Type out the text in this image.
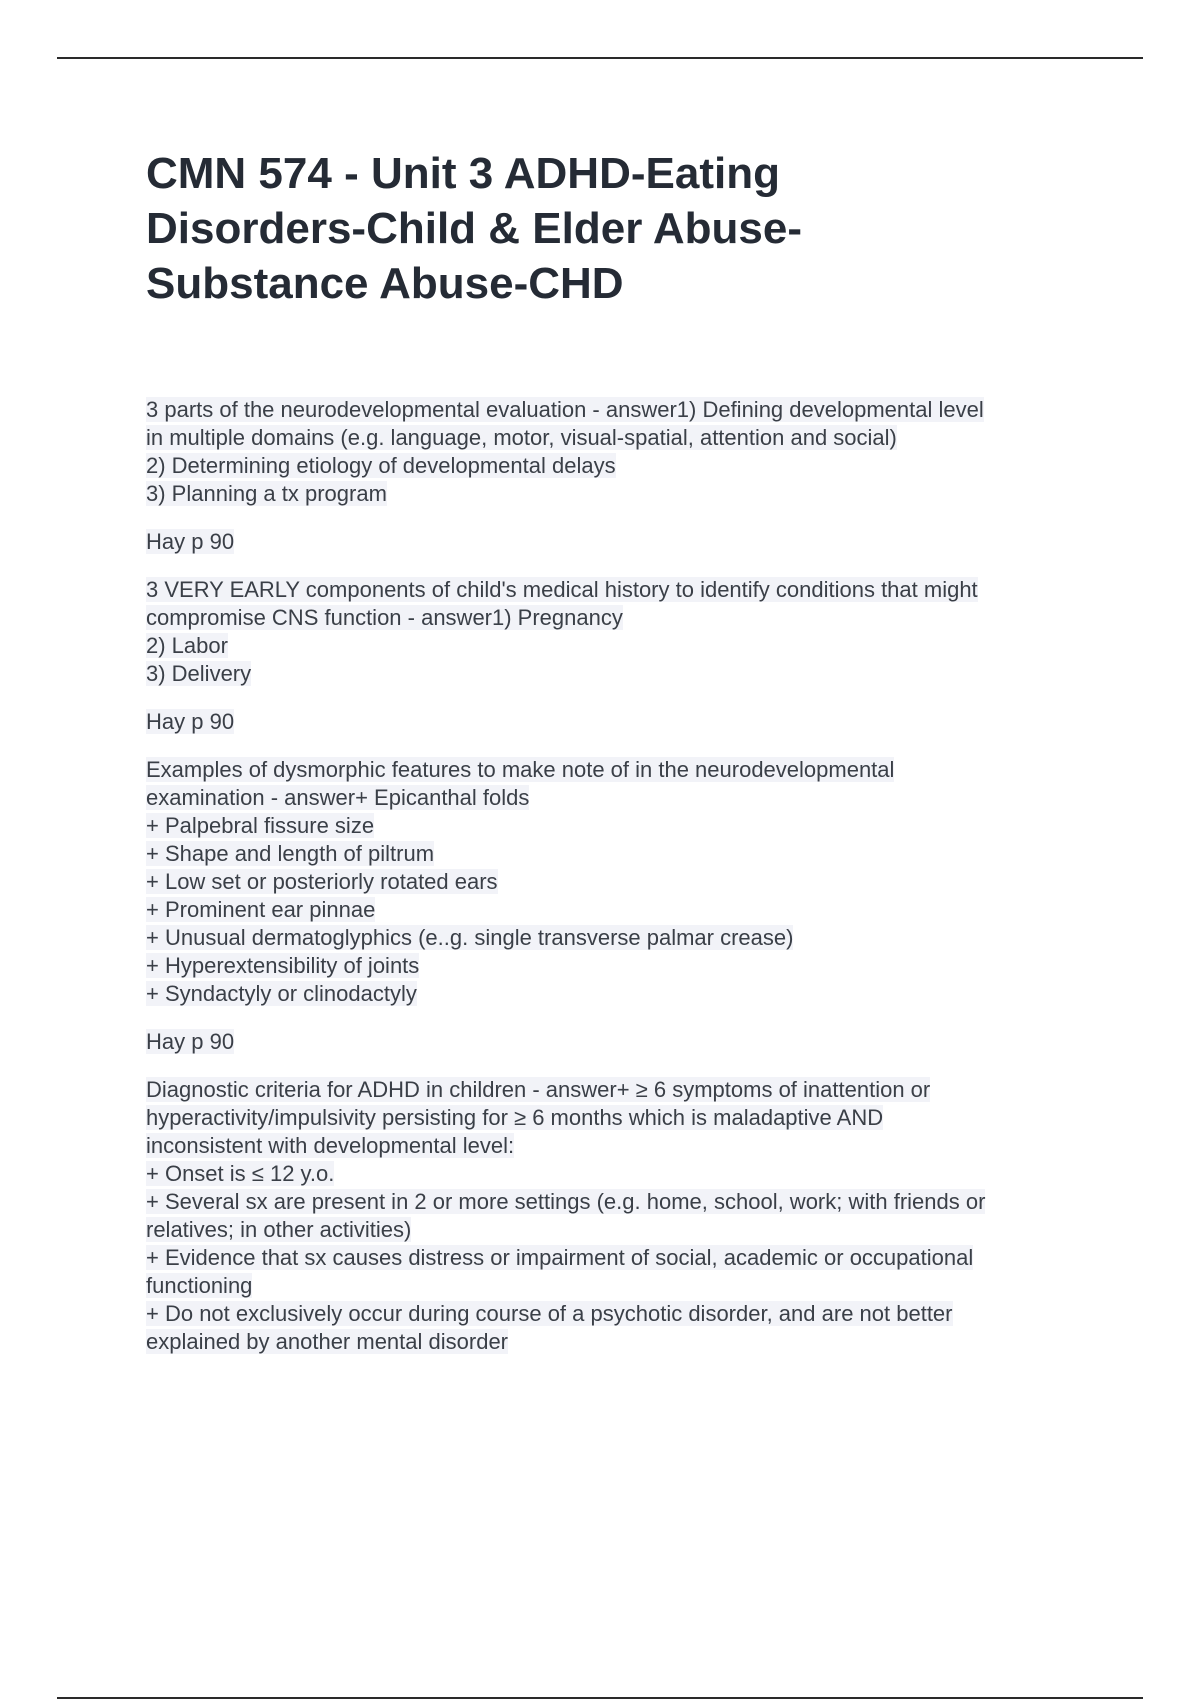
CMN 574 - Unit 3 ADHD-Eating
Disorders-Child & Elder Abuse-
Substance Abuse-CHD
3 parts of the neurodevelopmental evaluation - answer1) Defining developmental level
in multiple domains (e.g. language, motor, visual-spatial, attention and social)
2) Determining etiology of developmental delays
3) Planning a tx program
Hay p 90
3 VERY EARLY components of child's medical history to identify conditions that might
compromise CNS function - answer1) Pregnancy
2) Labor
3) Delivery
Hay p 90
Examples of dysmorphic features to make note of in the neurodevelopmental
examination - answer+ Epicanthal folds
+ Palpebral fissure size
+ Shape and length of piltrum
+ Low set or posteriorly rotated ears
+ Prominent ear pinnae
+ Unusual dermatoglyphics (e..g. single transverse palmar crease)
+ Hyperextensibility of joints
+ Syndactyly or clinodactyly
Hay p 90
Diagnostic criteria for ADHD in children - answer+ ≥ 6 symptoms of inattention or
hyperactivity/impulsivity persisting for ≥ 6 months which is maladaptive AND
inconsistent with developmental level:
+ Onset is ≤ 12 y.o.
+ Several sx are present in 2 or more settings (e.g. home, school, work; with friends or
relatives; in other activities)
+ Evidence that sx causes distress or impairment of social, academic or occupational
functioning
+ Do not exclusively occur during course of a psychotic disorder, and are not better
explained by another mental disorder
